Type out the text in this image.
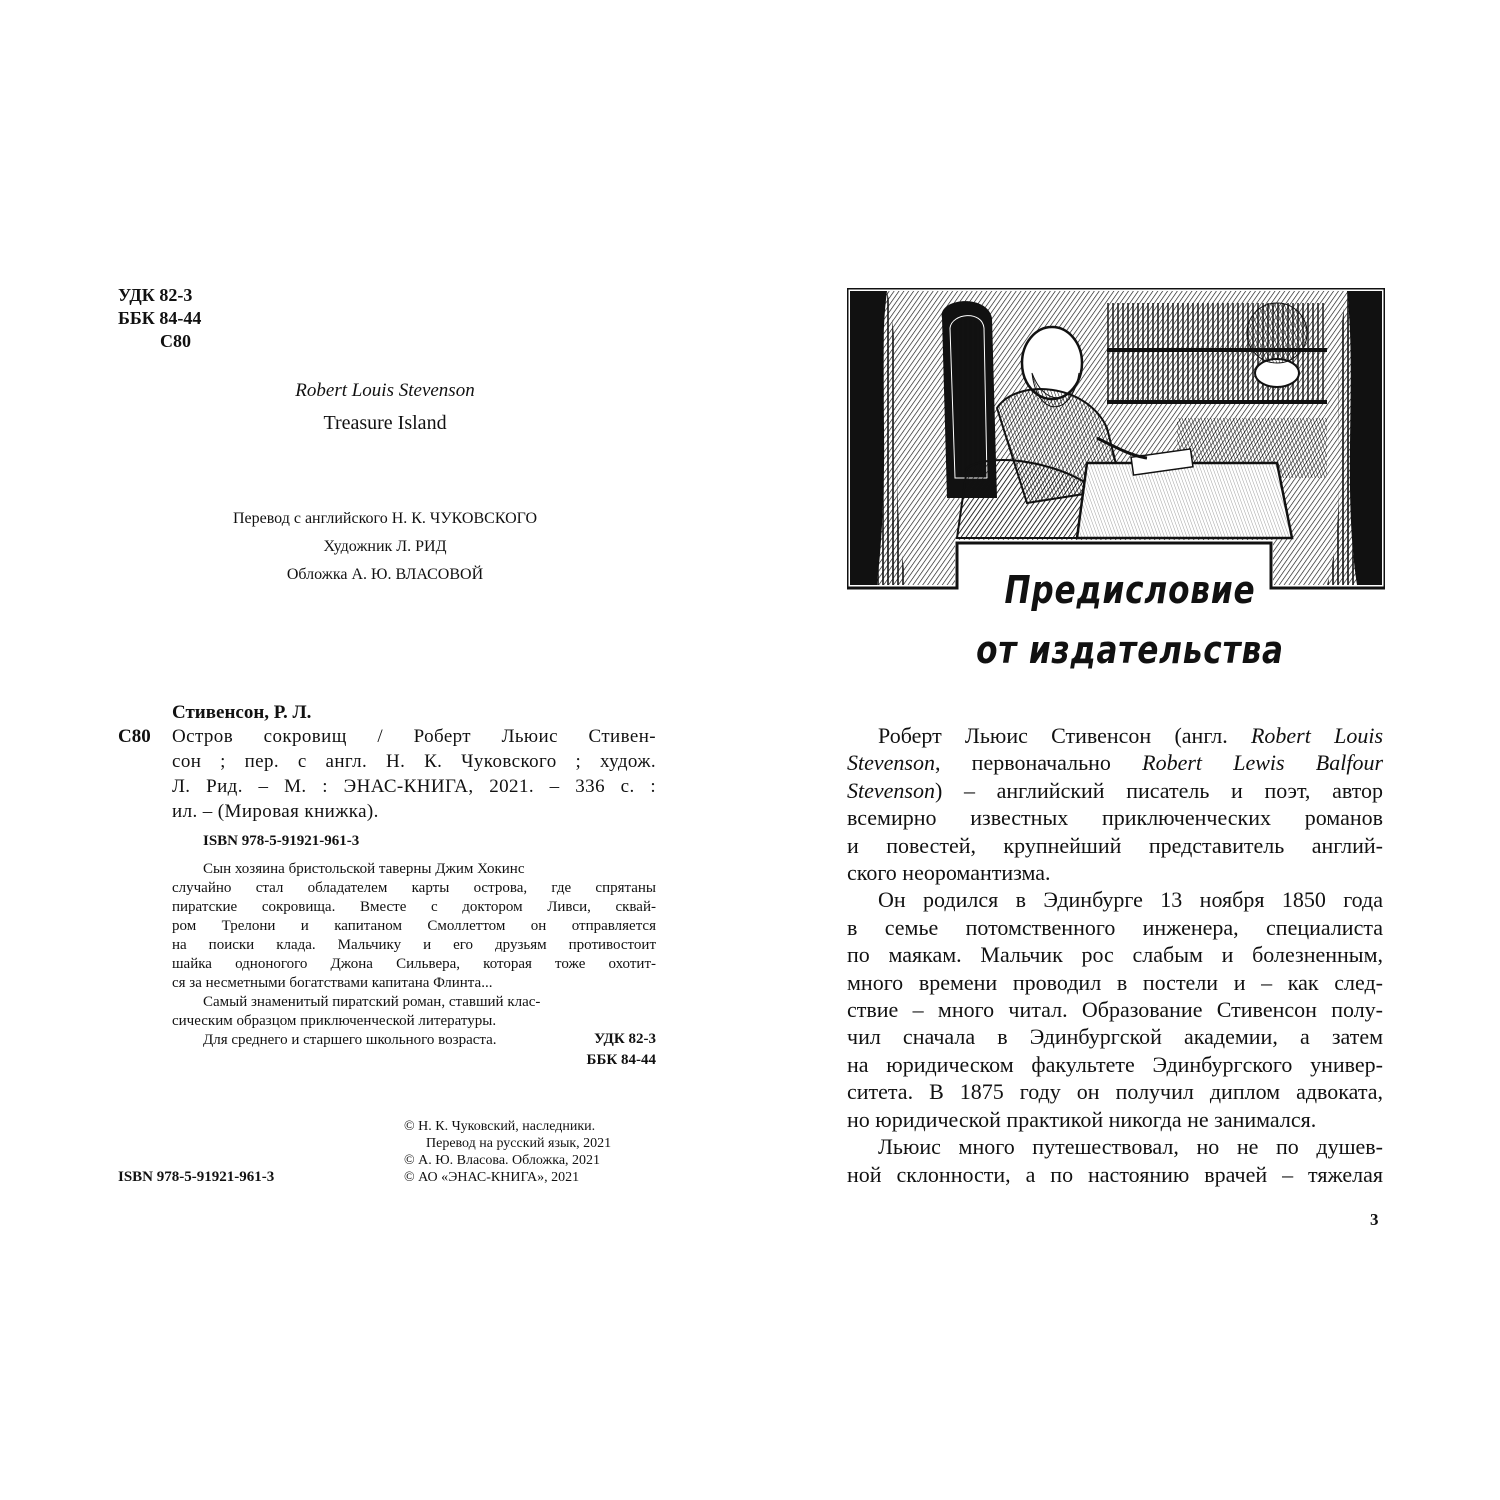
УДК 82-3
ББК 84-44
С80
Robert Louis Stevenson
Treasure Island
Перевод с английского Н. К. ЧУКОВСКОГО
Художник Л. РИД
Обложка А. Ю. ВЛАСОВОЙ
Стивенсон, Р. Л.
С80 Остров сокровищ / Роберт Льюис Стивен-
сон ; пер. с англ. Н. К. Чуковского ; худож.
Л. Рид. – М. : ЭНАС-КНИГА, 2021. – 336 с. :
ил. – (Мировая книжка).
ISBN 978-5-91921-961-3
Сын хозяина бристольской таверны Джим Хокинс
случайно стал обладателем карты острова, где спрятаны
пиратские сокровища. Вместе с доктором Ливси, сквай-
ром Трелони и капитаном Смоллеттом он отправляется
на поиски клада. Мальчику и его друзьям противостоит
шайка одноногого Джона Сильвера, которая тоже охотит-
ся за несметными богатствами капитана Флинта...
Самый знаменитый пиратский роман, ставший клас-
сическим образцом приключенческой литературы.
Для среднего и старшего школьного возраста.	УДК 82-3
ББК 84-44
© Н. К. Чуковский, наследники.
Перевод на русский язык, 2021
© А. Ю. Власова. Обложка, 2021
© АО «ЭНАС-КНИГА», 2021
ISBN 978-5-91921-961-3
Предисловие
от издательства
Роберт Льюис Стивенсон (англ. Robert Louis
Stevenson, первоначально Robert Lewis Balfour
Stevenson) – английский писатель и поэт, автор
всемирно известных приключенческих романов
и повестей, крупнейший представитель англий-
ского неоромантизма.
Он родился в Эдинбурге 13 ноября 1850 года
в семье потомственного инженера, специалиста
по маякам. Мальчик рос слабым и болезненным,
много времени проводил в постели и – как след-
ствие – много читал. Образование Стивенсон полу-
чил сначала в Эдинбургской академии, а затем
на юридическом факультете Эдинбургского универ-
ситета. В 1875 году он получил диплом адвоката,
но юридической практикой никогда не занимался.
Льюис много путешествовал, но не по душев-
ной склонности, а по настоянию врачей – тяжелая
3
